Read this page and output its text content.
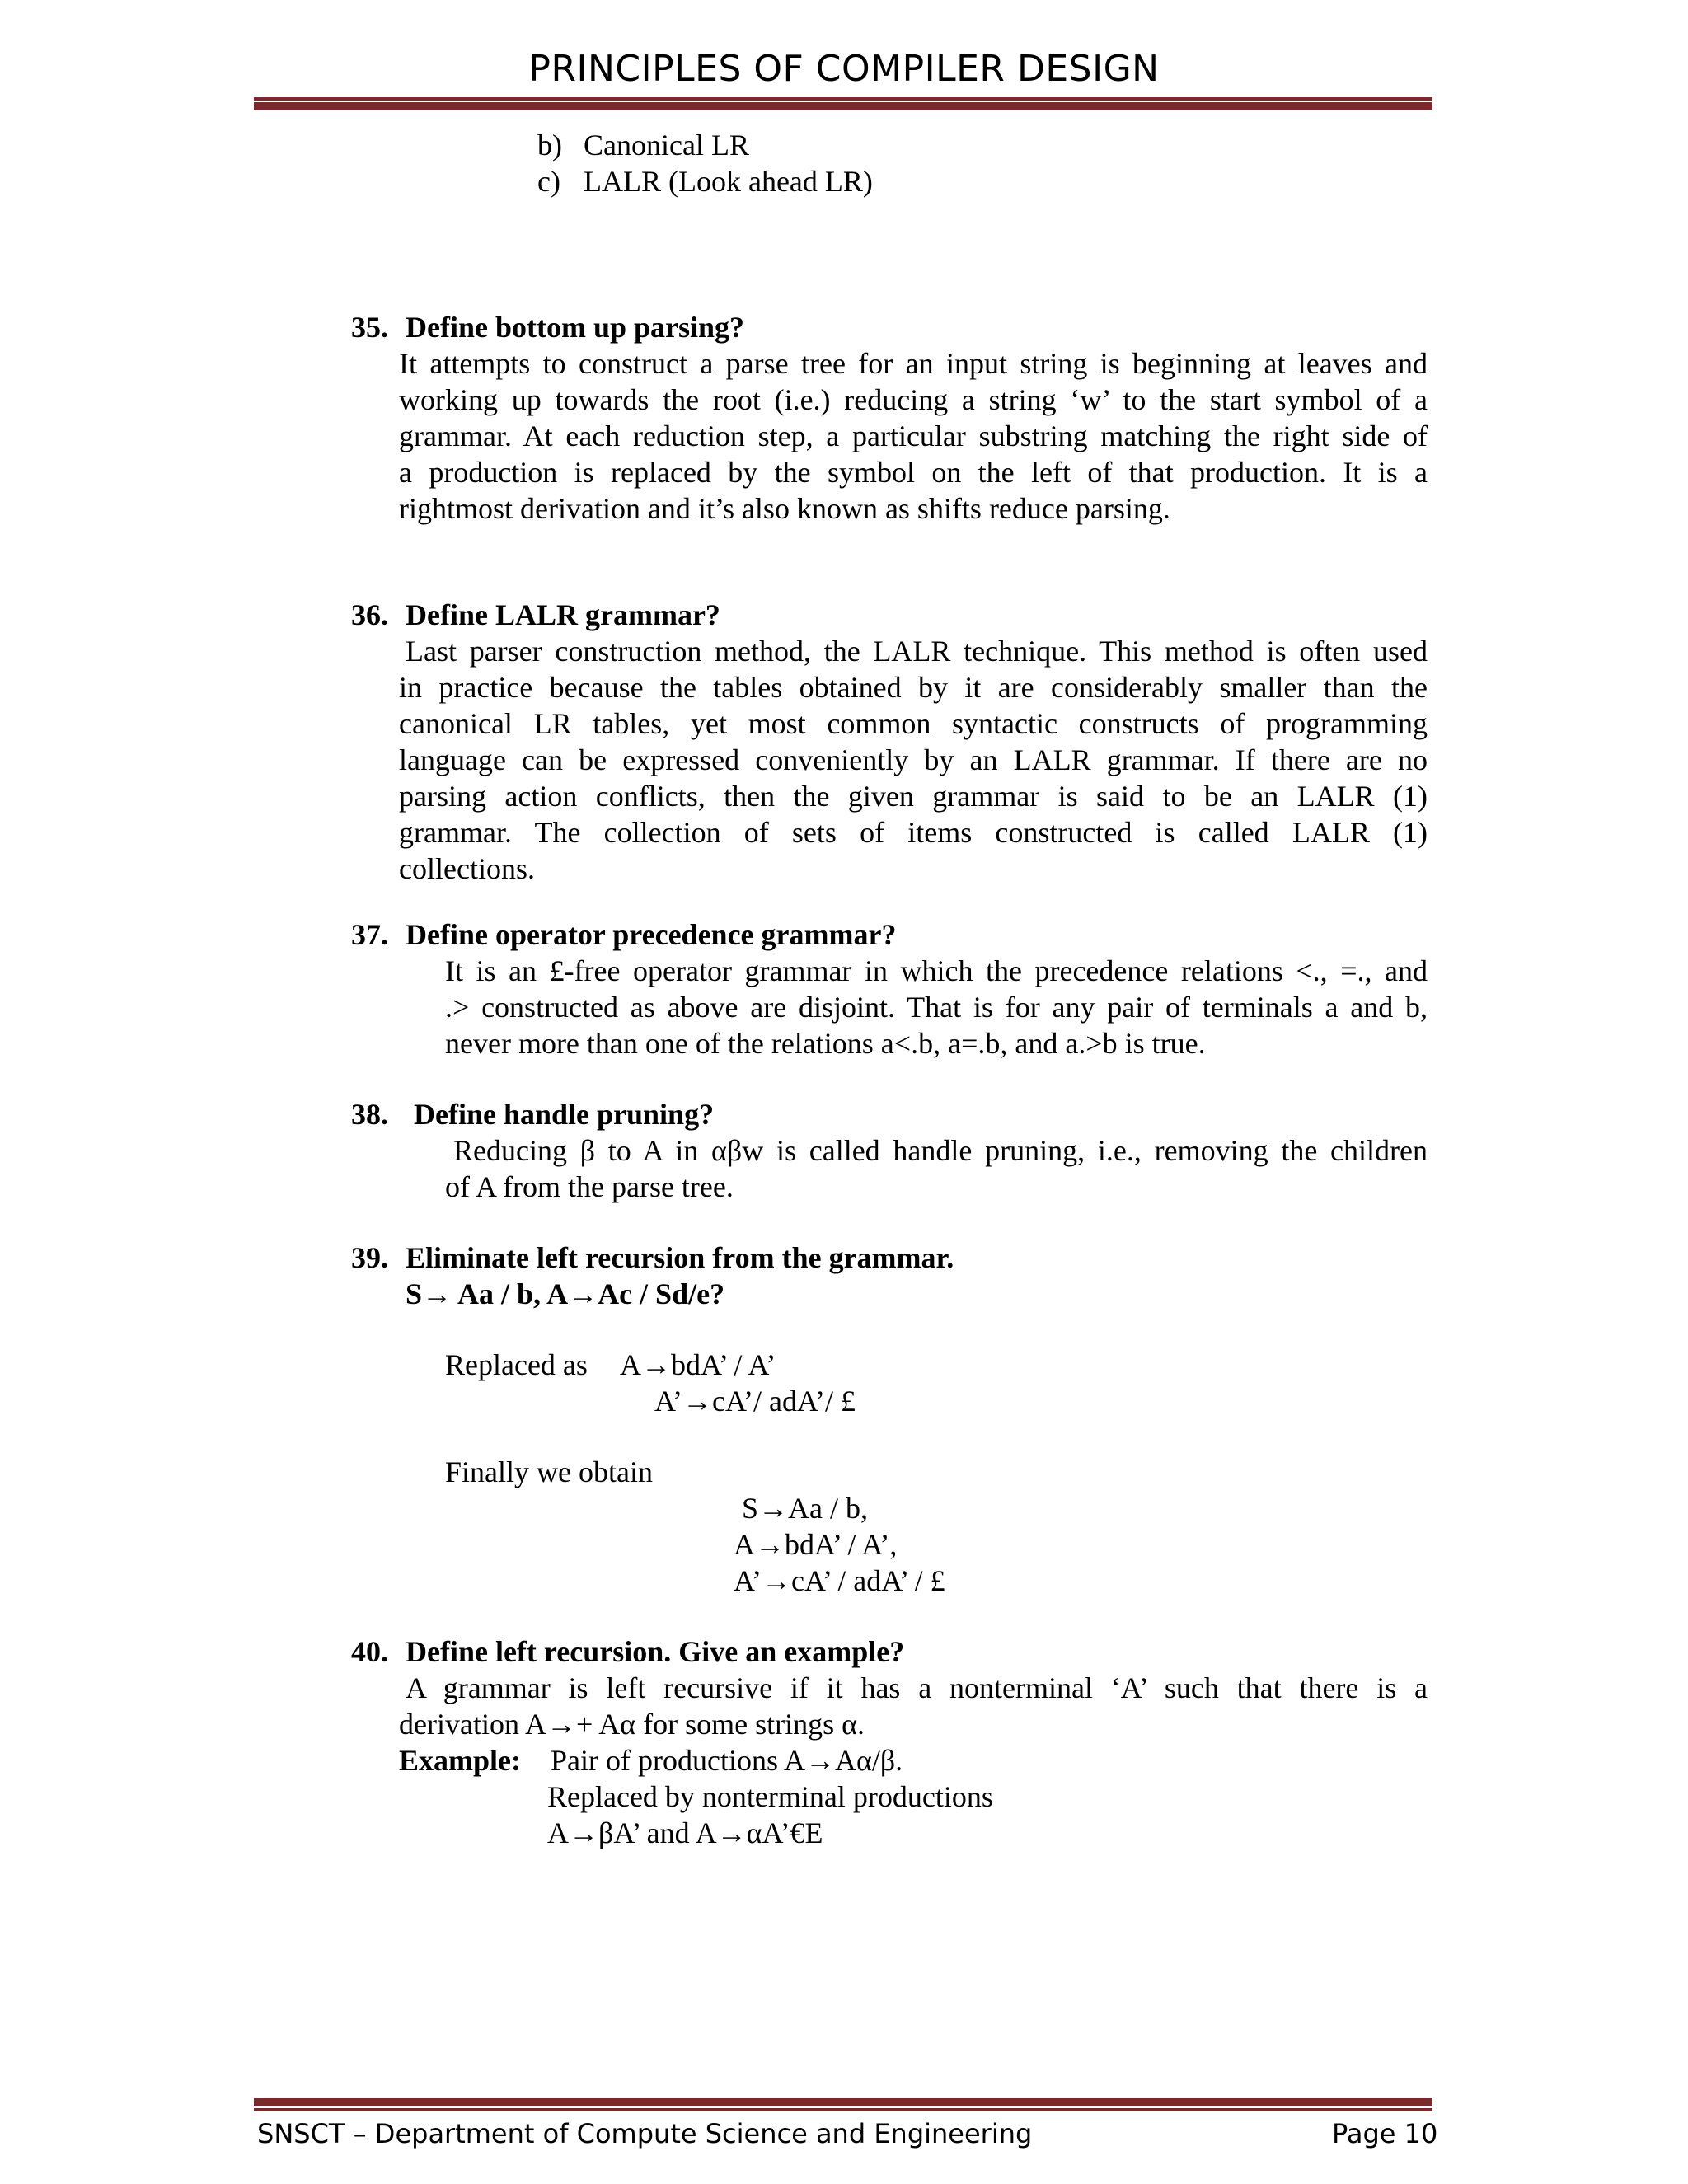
PRINCIPLES OF COMPILER DESIGN
b) Canonical LR
c) LALR (Look ahead LR)
35. Define bottom up parsing?
It attempts to construct a parse tree for an input string is beginning at leaves and
working up towards the root (i.e.) reducing a string ‘w’ to the start symbol of a
grammar. At each reduction step, a particular substring matching the right side of
a production is replaced by the symbol on the left of that production. It is a
rightmost derivation and it’s also known as shifts reduce parsing.
36. Define LALR grammar?
Last parser construction method, the LALR technique. This method is often used
in practice because the tables obtained by it are considerably smaller than the
canonical LR tables, yet most common syntactic constructs of programming
language can be expressed conveniently by an LALR grammar. If there are no
parsing action conflicts, then the given grammar is said to be an LALR (1)
grammar. The collection of sets of items constructed is called LALR (1)
collections.
37. Define operator precedence grammar?
It is an £-free operator grammar in which the precedence relations <., =., and
.> constructed as above are disjoint. That is for any pair of terminals a and b,
never more than one of the relations a<.b, a=.b, and a.>b is true.
38. Define handle pruning?
Reducing β to A in αβw is called handle pruning, i.e., removing the children
of A from the parse tree.
39. Eliminate left recursion from the grammar.
S→ Aa / b, A→Ac / Sd/e?
Replaced as A→bdA’ / A’
A’→cA’/ adA’/ £
Finally we obtain
S→Aa / b,
A→bdA’ / A’,
A’→cA’ / adA’ / £
40. Define left recursion. Give an example?
A grammar is left recursive if it has a nonterminal ‘A’ such that there is a
derivation A→+ Aα for some strings α.
Example: Pair of productions A→Aα/β.
Replaced by nonterminal productions
A→βA’ and A→αA’€E
SNSCT – Department of Compute Science and Engineering	Page 10
